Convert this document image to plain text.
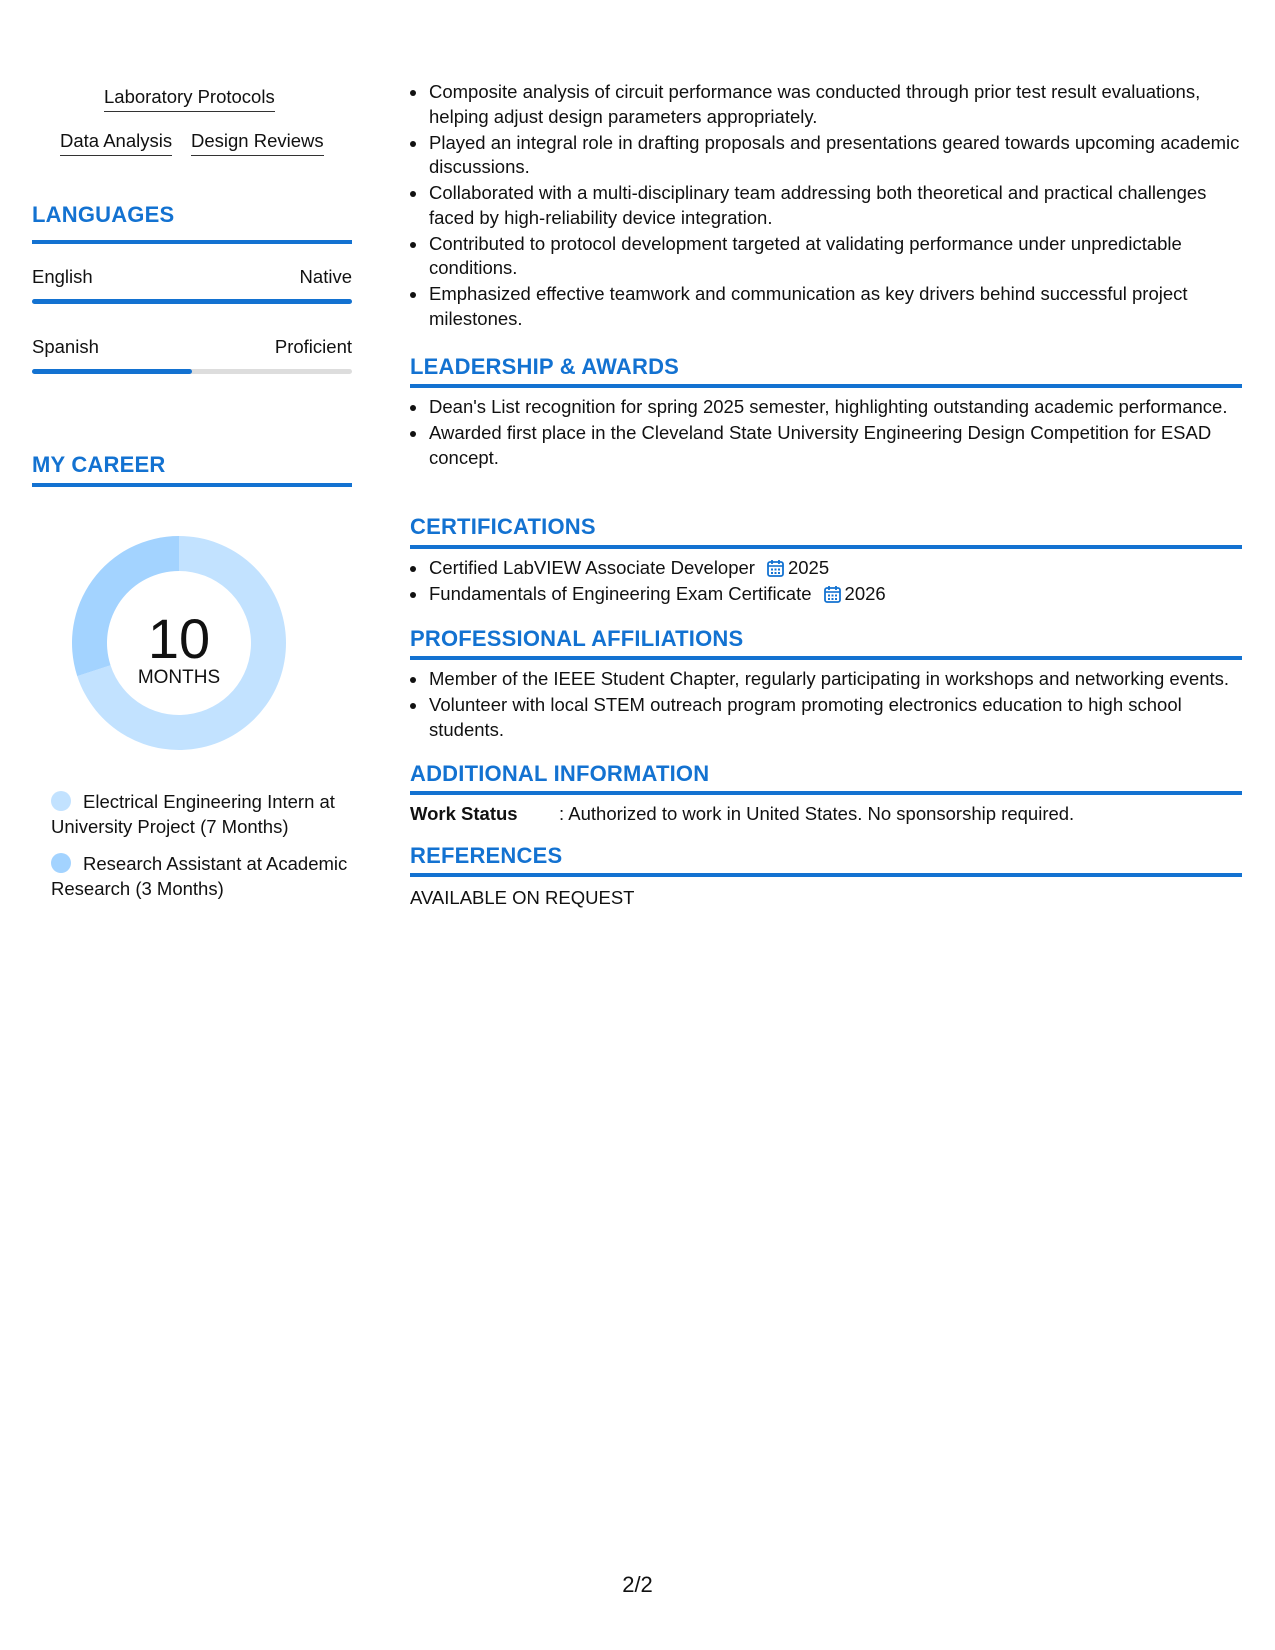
Laboratory Protocols
Data Analysis Design Reviews
LANGUAGES
English	Native
Spanish	Proficient
MY CAREER
10
MONTHS
Electrical Engineering Intern at University Project (7 Months)
Research Assistant at Academic Research (3 Months)
• Composite analysis of circuit performance was conducted through prior test result evaluations, helping adjust design parameters appropriately.
• Played an integral role in drafting proposals and presentations geared towards upcoming academic discussions.
• Collaborated with a multi-disciplinary team addressing both theoretical and practical challenges faced by high-reliability device integration.
• Contributed to protocol development targeted at validating performance under unpredictable conditions.
• Emphasized effective teamwork and communication as key drivers behind successful project milestones.
LEADERSHIP & AWARDS
• Dean's List recognition for spring 2025 semester, highlighting outstanding academic performance.
• Awarded first place in the Cleveland State University Engineering Design Competition for ESAD concept.
CERTIFICATIONS
• Certified LabVIEW Associate Developer 2025
• Fundamentals of Engineering Exam Certificate 2026
PROFESSIONAL AFFILIATIONS
• Member of the IEEE Student Chapter, regularly participating in workshops and networking events.
• Volunteer with local STEM outreach program promoting electronics education to high school students.
ADDITIONAL INFORMATION
Work Status : Authorized to work in United States. No sponsorship required.
REFERENCES
AVAILABLE ON REQUEST
2/2
